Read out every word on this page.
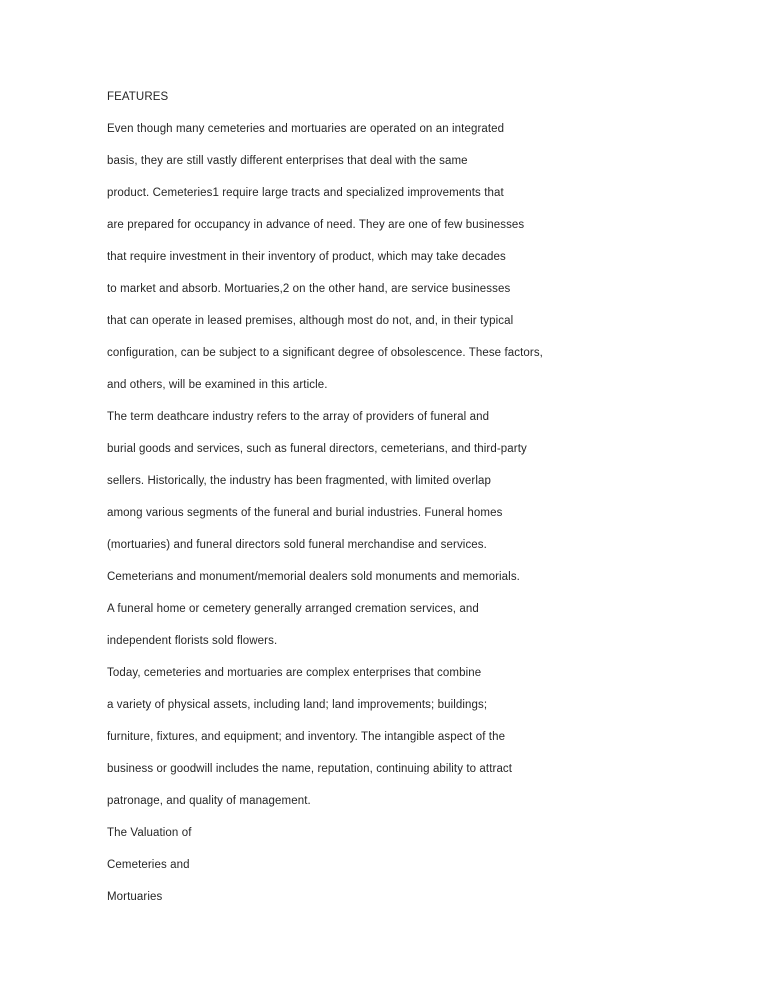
FEATURES

Even though many cemeteries and mortuaries are operated on an integrated

basis, they are still vastly different enterprises that deal with the same

product. Cemeteries1 require large tracts and specialized improvements that

are prepared for occupancy in advance of need. They are one of few businesses

that require investment in their inventory of product, which may take decades

to market and absorb. Mortuaries,2 on the other hand, are service businesses

that can operate in leased premises, although most do not, and, in their typical

configuration, can be subject to a significant degree of obsolescence. These factors,

and others, will be examined in this article.

The term deathcare industry refers to the array of providers of funeral and

burial goods and services, such as funeral directors, cemeterians, and third-party

sellers. Historically, the industry has been fragmented, with limited overlap

among various segments of the funeral and burial industries. Funeral homes

(mortuaries) and funeral directors sold funeral merchandise and services.

Cemeterians and monument/memorial dealers sold monuments and memorials.

A funeral home or cemetery generally arranged cremation services, and

independent florists sold flowers.

Today, cemeteries and mortuaries are complex enterprises that combine

a variety of physical assets, including land; land improvements; buildings;

furniture, fixtures, and equipment; and inventory. The intangible aspect of the

business or goodwill includes the name, reputation, continuing ability to attract

patronage, and quality of management.

The Valuation of

Cemeteries and

Mortuaries
